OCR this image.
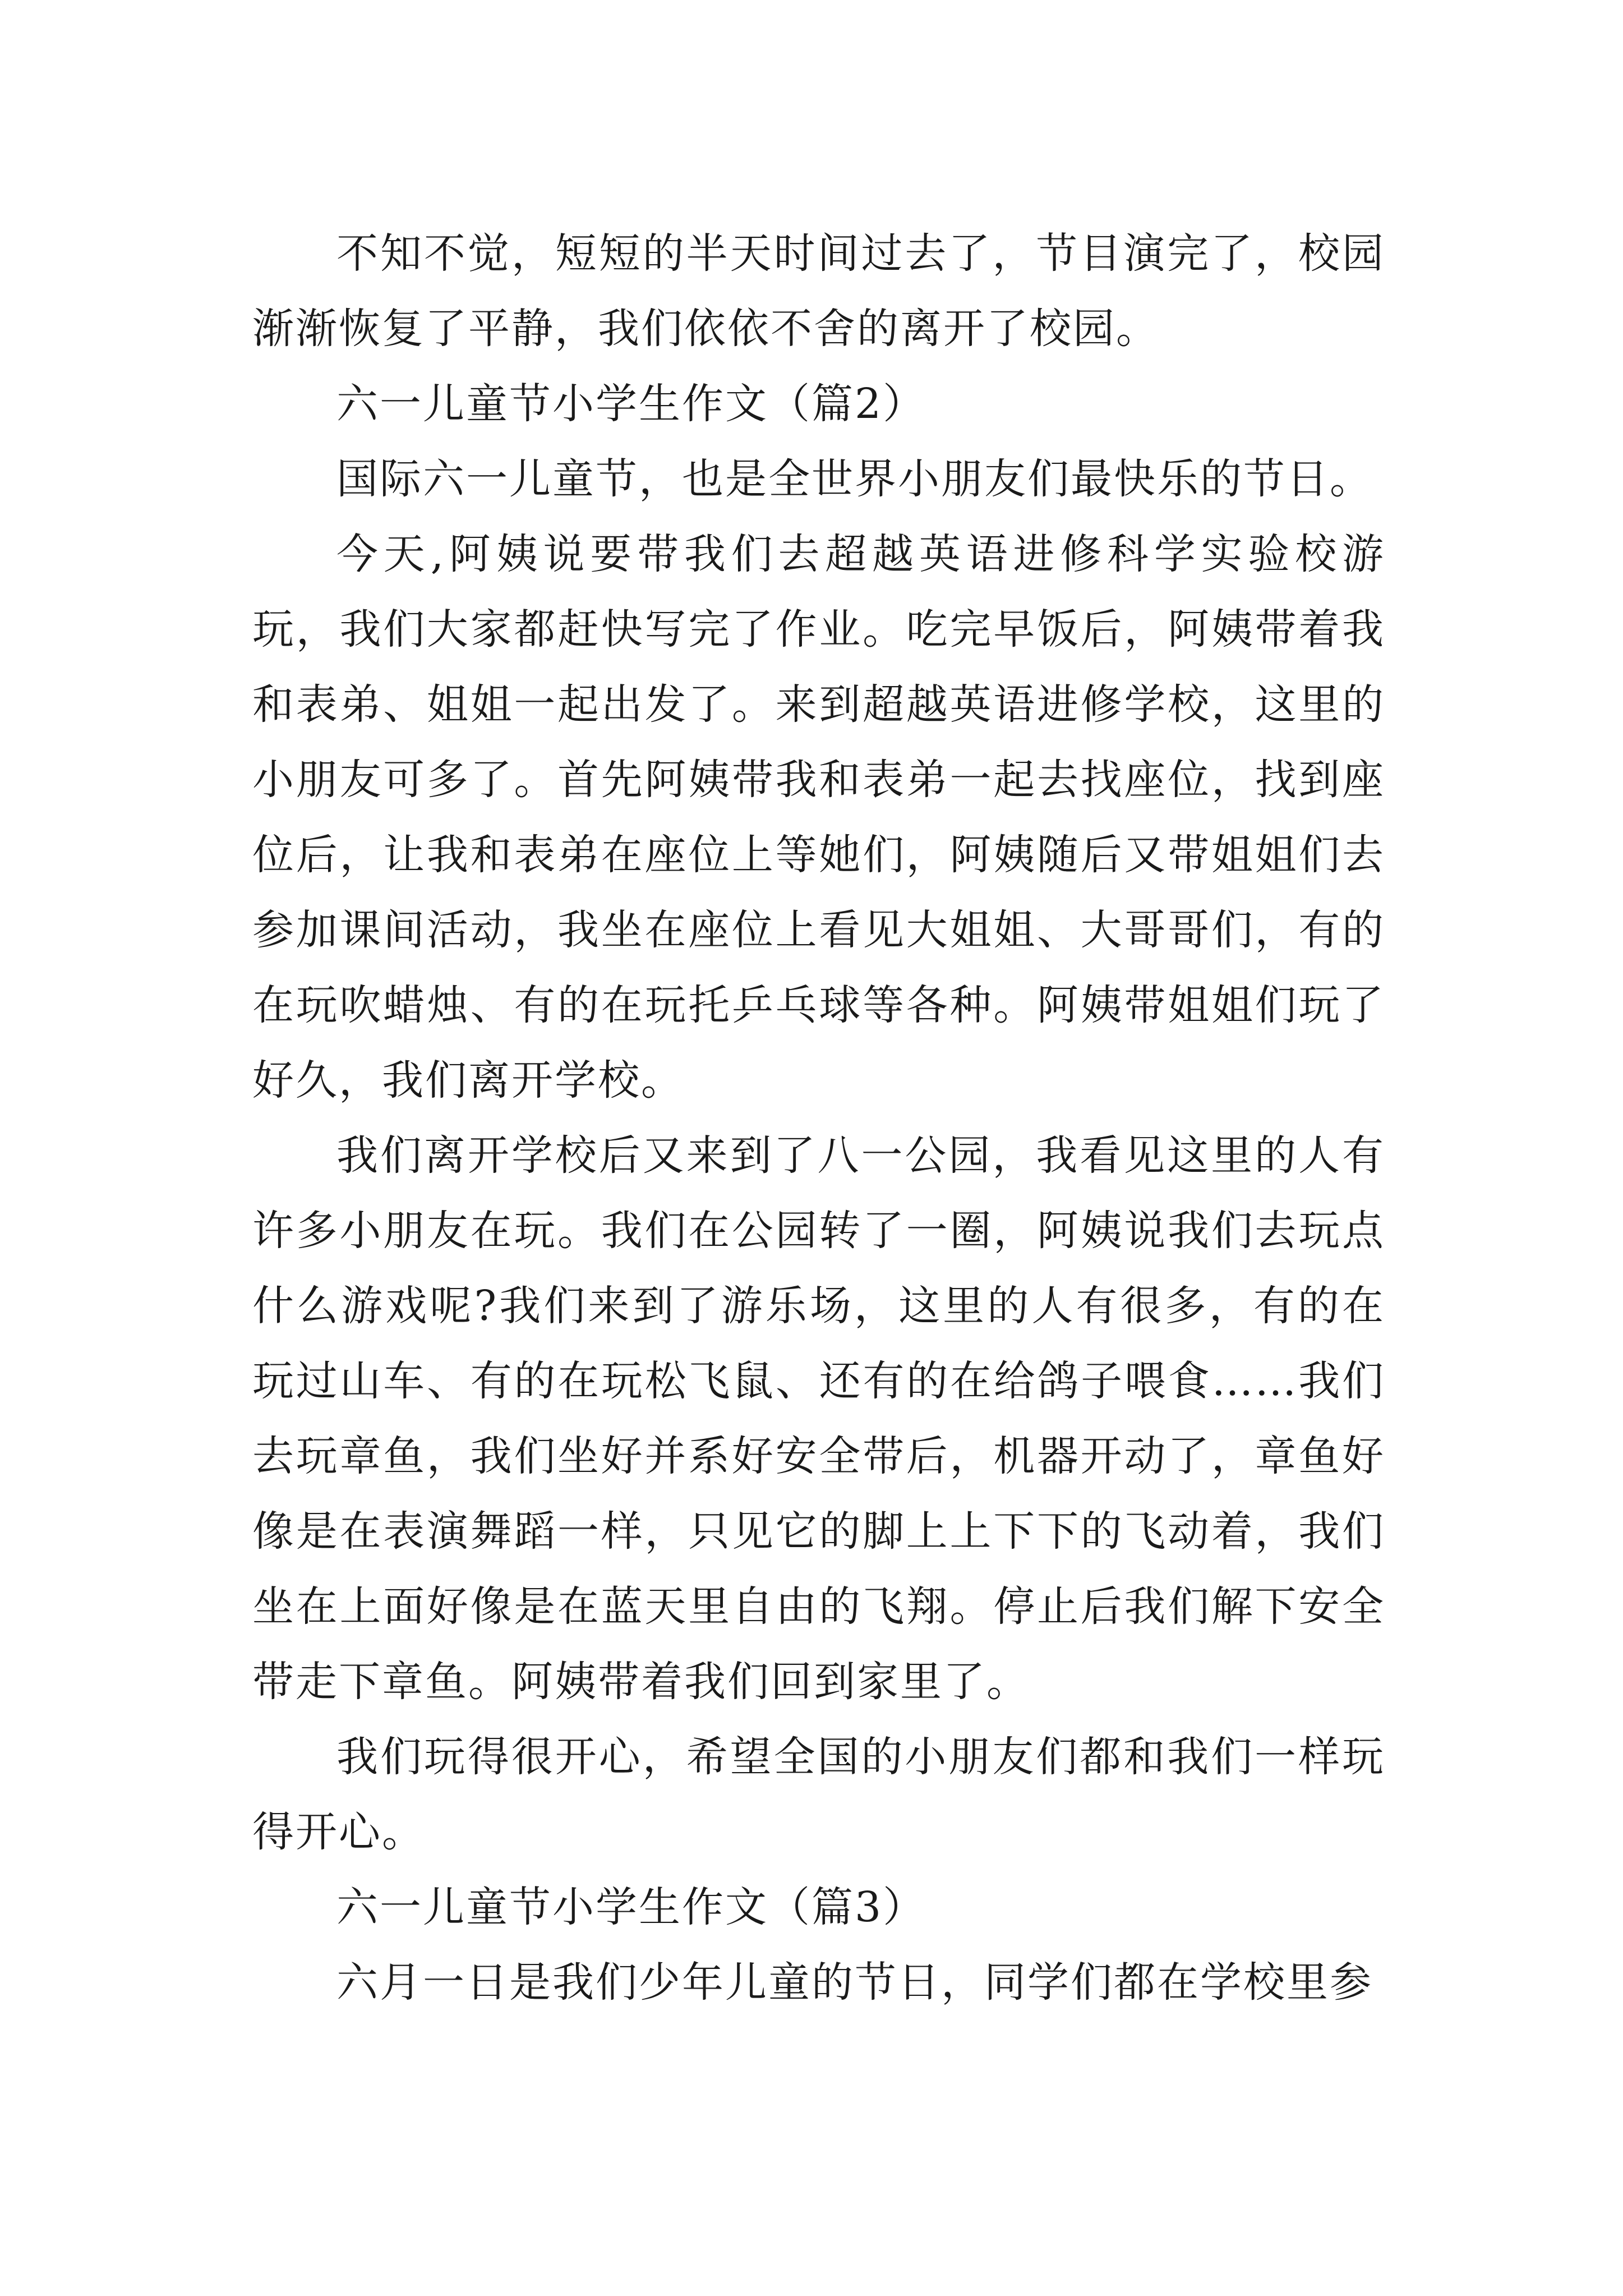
不知不觉，短短的半天时间过去了，节目演完了，校园渐渐恢复了平静，我们依依不舍的离开了校园。

六一儿童节小学生作文（篇2）

国际六一儿童节，也是全世界小朋友们最快乐的节日。

今天,阿姨说要带我们去超越英语进修科学实验校游玩，我们大家都赶快写完了作业。吃完早饭后，阿姨带着我和表弟、姐姐一起出发了。来到超越英语进修学校，这里的小朋友可多了。首先阿姨带我和表弟一起去找座位，找到座位后，让我和表弟在座位上等她们，阿姨随后又带姐姐们去参加课间活动，我坐在座位上看见大姐姐、大哥哥们，有的在玩吹蜡烛、有的在玩托乒乓球等各种。阿姨带姐姐们玩了好久，我们离开学校。

我们离开学校后又来到了八一公园，我看见这里的人有许多小朋友在玩。我们在公园转了一圈，阿姨说我们去玩点什么游戏呢?我们来到了游乐场，这里的人有很多，有的在玩过山车、有的在玩松飞鼠、还有的在给鸽子喂食……我们去玩章鱼，我们坐好并系好安全带后，机器开动了，章鱼好像是在表演舞蹈一样，只见它的脚上上下下的飞动着，我们坐在上面好像是在蓝天里自由的飞翔。停止后我们解下安全带走下章鱼。阿姨带着我们回到家里了。

我们玩得很开心，希望全国的小朋友们都和我们一样玩得开心。

六一儿童节小学生作文（篇3）

六月一日是我们少年儿童的节日，同学们都在学校里参
